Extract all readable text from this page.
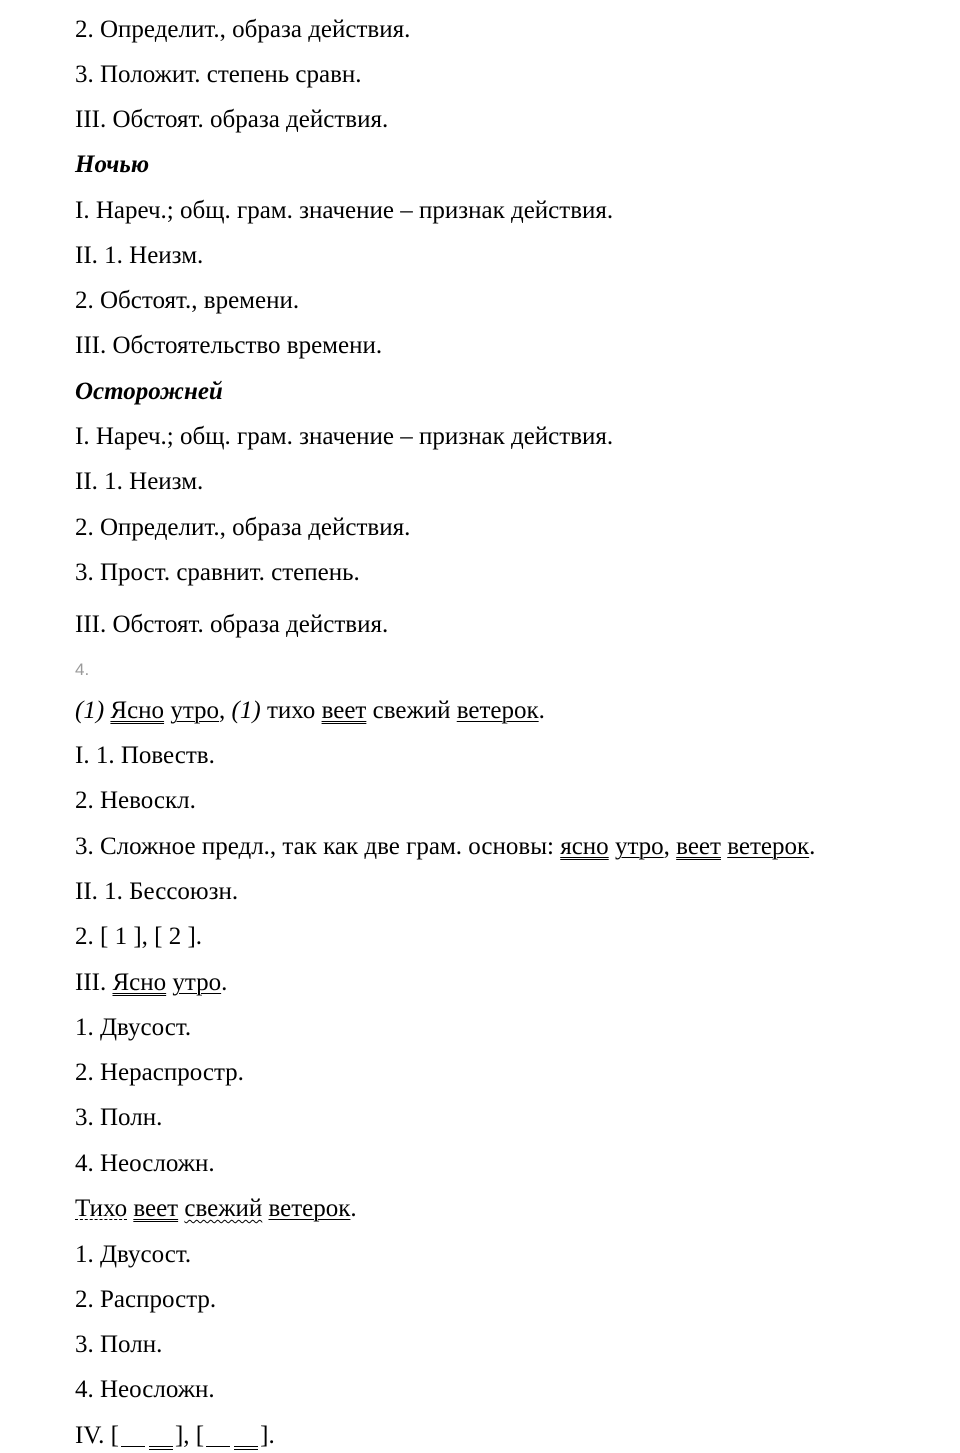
2. Определит., образа действия.
3. Положит. степень сравн.
III. Обстоят. образа действия.
Ночью
I. Нареч.; общ. грам. значение – признак действия.
II. 1. Неизм.
2. Обстоят., времени.
III. Обстоятельство времени.
Осторожней
I. Нареч.; общ. грам. значение – признак действия.
II. 1. Неизм.
2. Определит., образа действия.
3. Прост. сравнит. степень.
III. Обстоят. образа действия.
4.
(1) Ясно утро, (1) тихо веет свежий ветерок.
I. 1. Повеств.
2. Невоскл.
3. Сложное предл., так как две грам. основы: ясно утро, веет ветерок.
II. 1. Бессоюзн.
2. [ 1 ], [ 2 ].
III. Ясно утро.
1. Двусост.
2. Нераспростр.
3. Полн.
4. Неосложн.
Тихо веет свежий ветерок.
1. Двусост.
2. Распростр.
3. Полн.
4. Неосложн.
IV. [ ], [ ].
